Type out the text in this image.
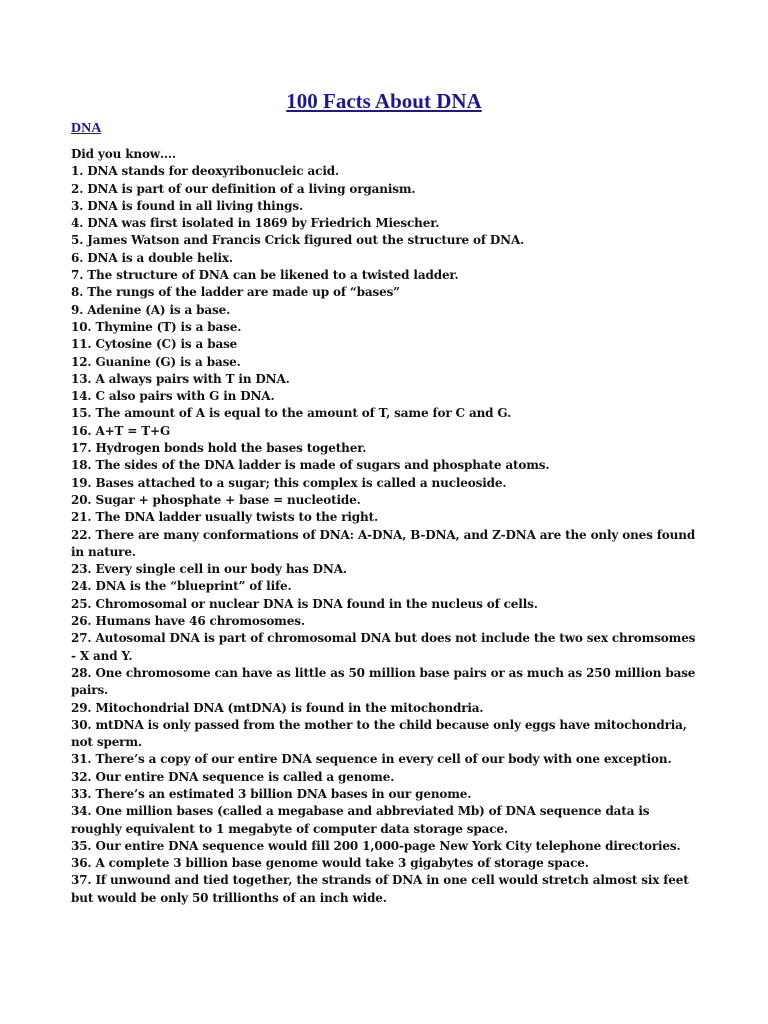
100 Facts About DNA
DNA
Did you know….
1. DNA stands for deoxyribonucleic acid.
2. DNA is part of our definition of a living organism.
3. DNA is found in all living things.
4. DNA was first isolated in 1869 by Friedrich Miescher.
5. James Watson and Francis Crick figured out the structure of DNA.
6. DNA is a double helix.
7. The structure of DNA can be likened to a twisted ladder.
8. The rungs of the ladder are made up of “bases”
9. Adenine (A) is a base.
10. Thymine (T) is a base.
11. Cytosine (C) is a base
12. Guanine (G) is a base.
13. A always pairs with T in DNA.
14. C also pairs with G in DNA.
15. The amount of A is equal to the amount of T, same for C and G.
16. A+T = T+G
17. Hydrogen bonds hold the bases together.
18. The sides of the DNA ladder is made of sugars and phosphate atoms.
19. Bases attached to a sugar; this complex is called a nucleoside.
20. Sugar + phosphate + base = nucleotide.
21. The DNA ladder usually twists to the right.
22. There are many conformations of DNA: A-DNA, B-DNA, and Z-DNA are the only ones found in nature.
23. Every single cell in our body has DNA.
24. DNA is the “blueprint” of life.
25. Chromosomal or nuclear DNA is DNA found in the nucleus of cells.
26. Humans have 46 chromosomes.
27. Autosomal DNA is part of chromosomal DNA but does not include the two sex chromsomes - X and Y.
28. One chromosome can have as little as 50 million base pairs or as much as 250 million base pairs.
29. Mitochondrial DNA (mtDNA) is found in the mitochondria.
30. mtDNA is only passed from the mother to the child because only eggs have mitochondria, not sperm.
31. There’s a copy of our entire DNA sequence in every cell of our body with one exception.
32. Our entire DNA sequence is called a genome.
33. There’s an estimated 3 billion DNA bases in our genome.
34. One million bases (called a megabase and abbreviated Mb) of DNA sequence data is roughly equivalent to 1 megabyte of computer data storage space.
35. Our entire DNA sequence would fill 200 1,000-page New York City telephone directories.
36. A complete 3 billion base genome would take 3 gigabytes of storage space.
37. If unwound and tied together, the strands of DNA in one cell would stretch almost six feet but would be only 50 trillionths of an inch wide.
